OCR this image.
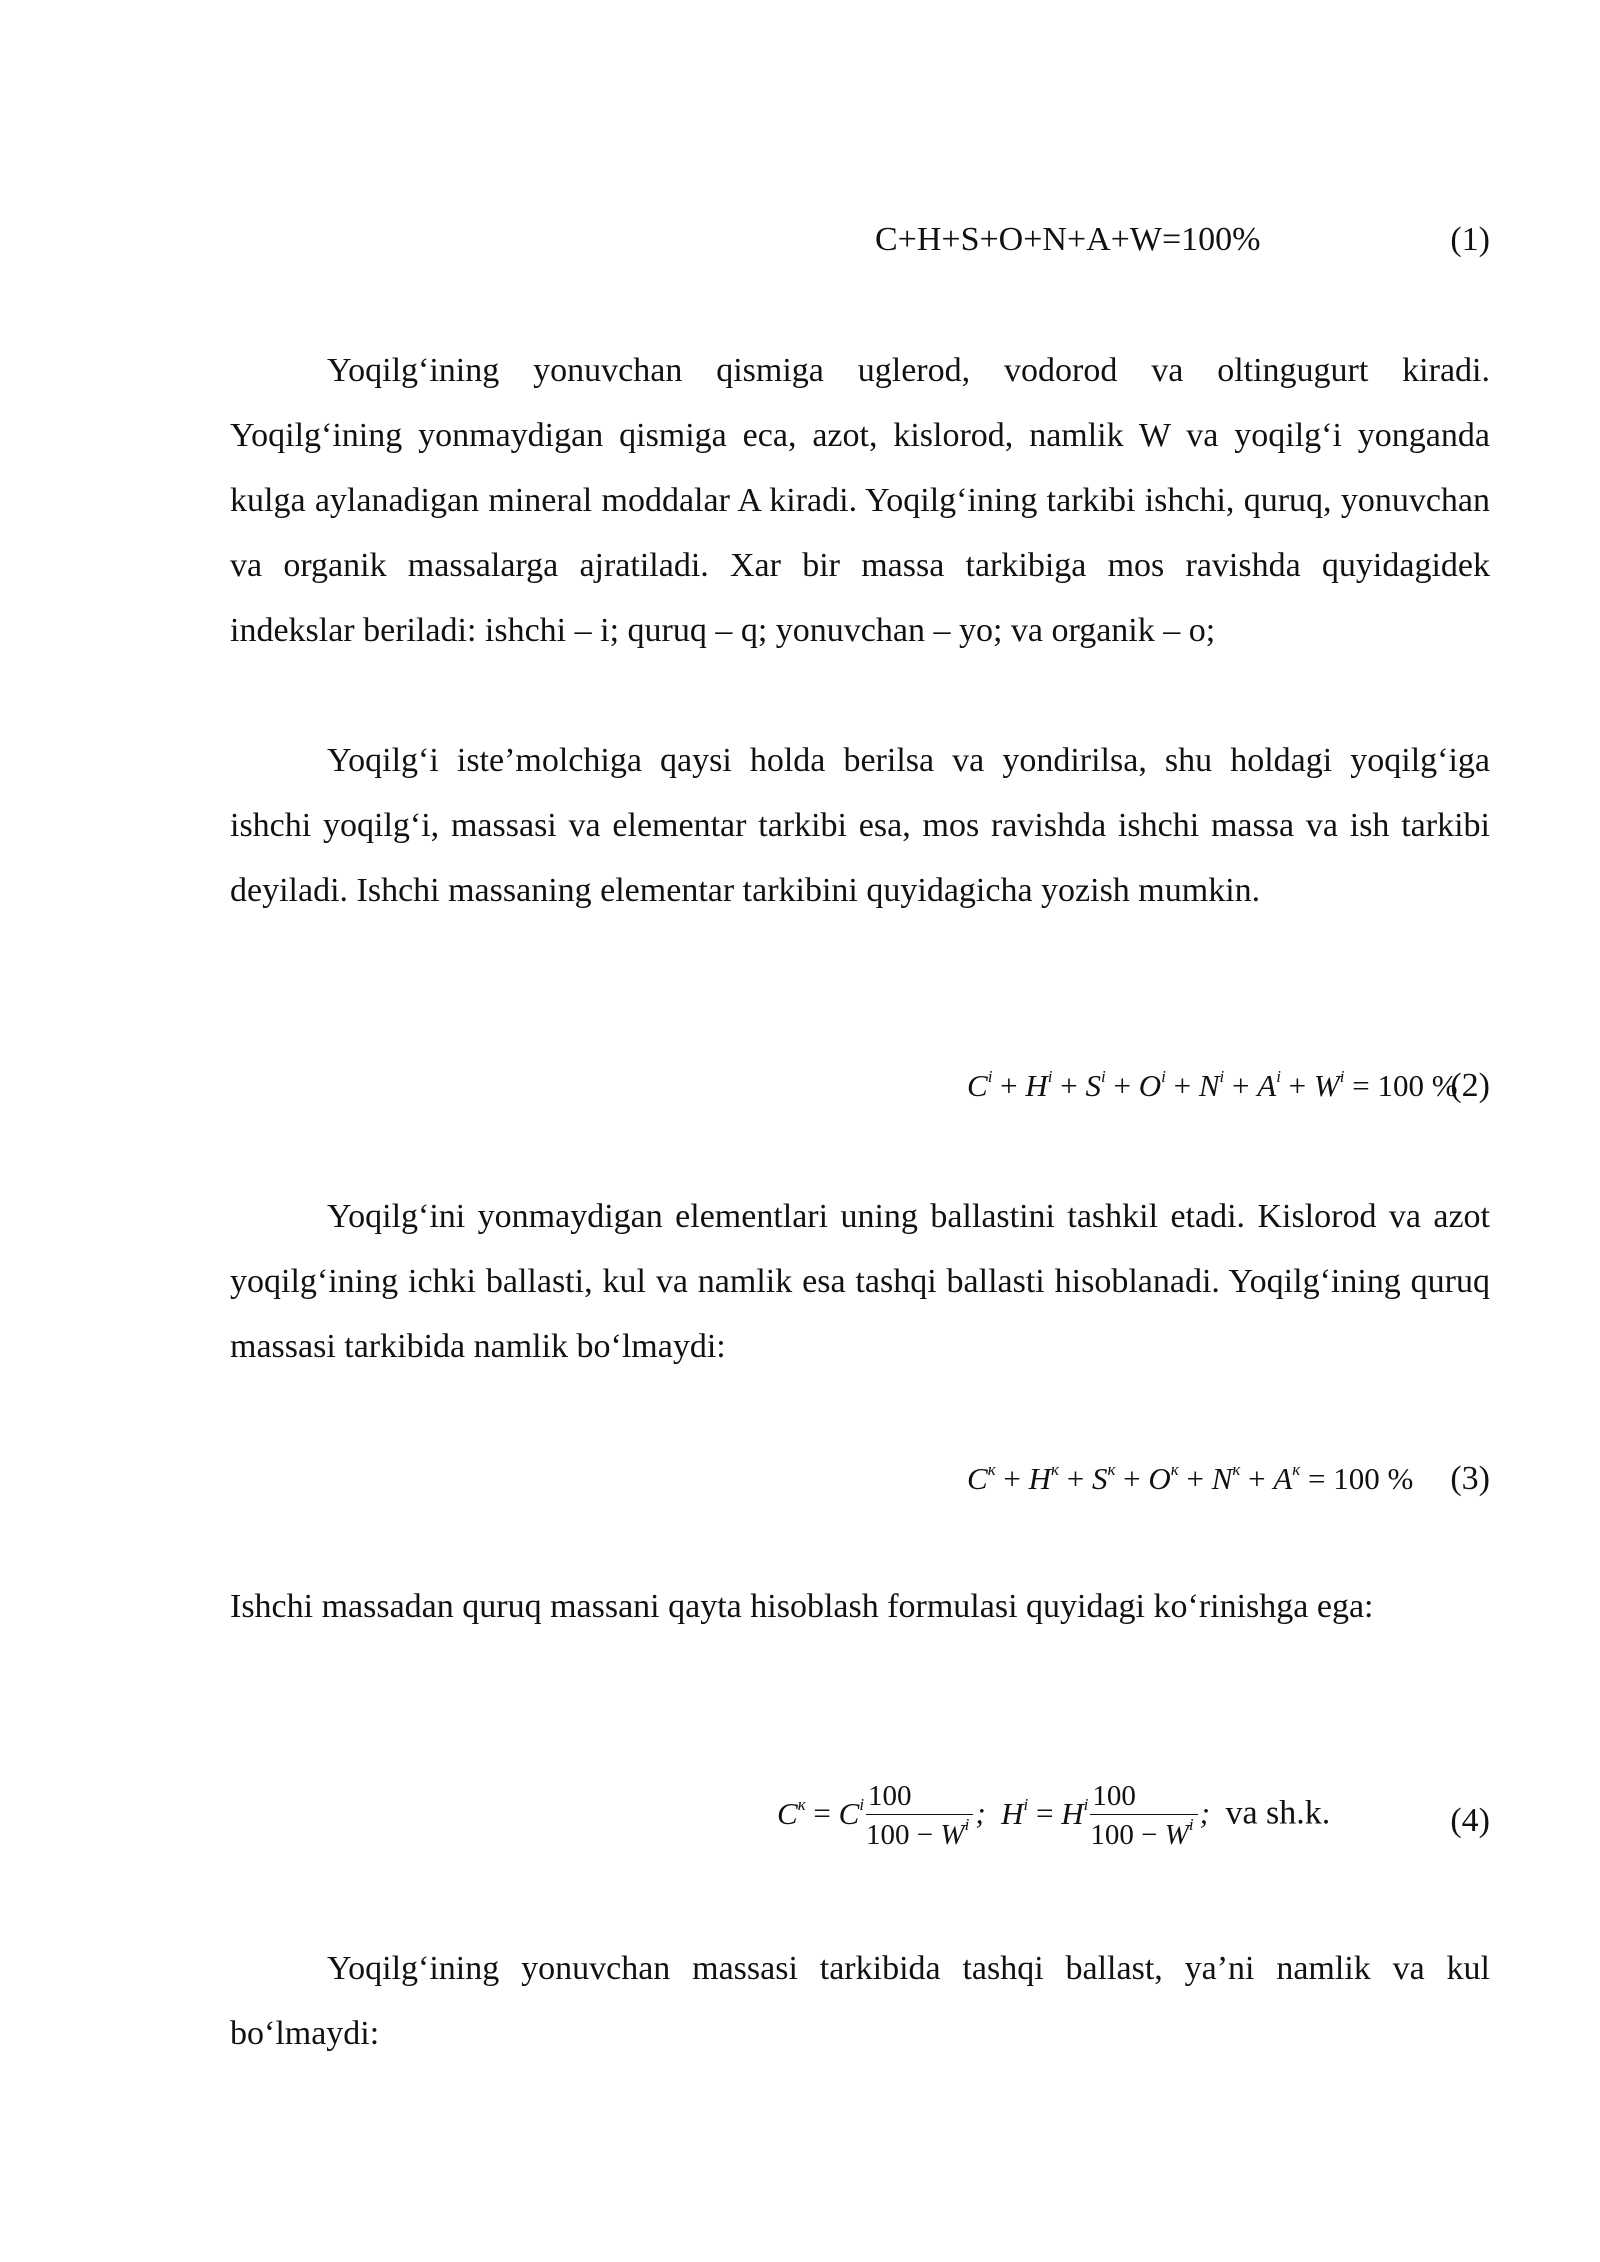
C+H+S+O+N+A+W=100%	(1)

Yoqilg‘ining yonuvchan qismiga uglerod, vodorod va oltingugurt kiradi. Yoqilg‘ining yonmaydigan qismiga eca, azot, kislorod, namlik W va yoqilg‘i yonganda kulga aylanadigan mineral moddalar A kiradi. Yoqilg‘ining tarkibi ishchi, quruq, yonuvchan va organik massalarga ajratiladi. Xar bir massa tarkibiga mos ravishda quyidagidek indekslar beriladi: ishchi – i; quruq – q; yonuvchan – yo; va organik – o;

Yoqilg‘i iste’molchiga qaysi holda berilsa va yondirilsa, shu holdagi yoqilg‘iga ishchi yoqilg‘i, massasi va elementar tarkibi esa, mos ravishda ishchi massa va ish tarkibi deyiladi. Ishchi massaning elementar tarkibini quyidagicha yozish mumkin.

$C^i + H^i + S^i + O^i + N^i + A^i + W^i = 100$ %
(2)

Yoqilg‘ini yonmaydigan elementlari uning ballastini tashkil etadi. Kislorod va azot yoqilg‘ining ichki ballasti, kul va namlik esa tashqi ballasti hisoblanadi. Yoqilg‘ining quruq massasi tarkibida namlik bo‘lmaydi:

$C^к + H^к + S^к + O^к + N^к + A^к = 100$ % (3)

Ishchi massadan quruq massani qayta hisoblash formulasi quyidagi ko‘rinishga ega:

$C^к = C^i \frac{100}{100 - W^i}$ ; $H^i = H^i \frac{100}{100 - W^i}$ ; va sh.k.	(4)

Yoqilg‘ining yonuvchan massasi tarkibida tashqi ballast, ya’ni namlik va kul bo‘lmaydi:
